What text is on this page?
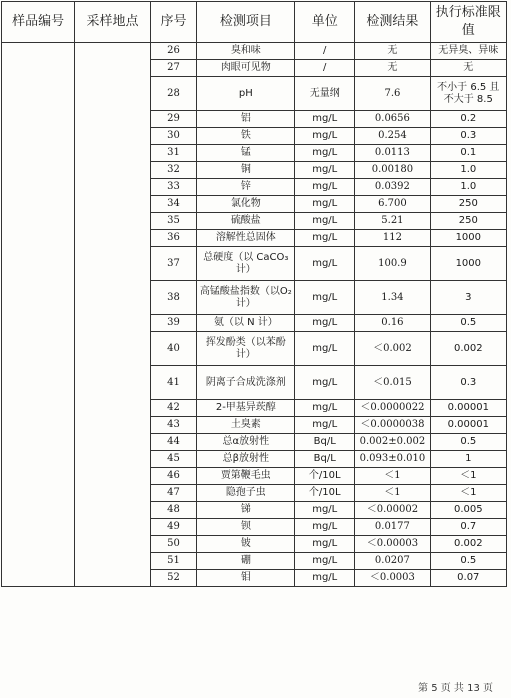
样品编号	采样地点	序号	检测项目	单位	检测结果	执行标准限值
		26	臭和味	/	无	无异臭、异味
		27	肉眼可见物	/	无	无
		28	pH	无量纲	7.6	不小于 6.5 且不大于 8.5
		29	铝	mg/L	0.0656	0.2
		30	铁	mg/L	0.254	0.3
		31	锰	mg/L	0.0113	0.1
		32	铜	mg/L	0.00180	1.0
		33	锌	mg/L	0.0392	1.0
		34	氯化物	mg/L	6.700	250
		35	硫酸盐	mg/L	5.21	250
		36	溶解性总固体	mg/L	112	1000
		37	总硬度（以 CaCO₃计）	mg/L	100.9	1000
		38	高锰酸盐指数（以O₂计）	mg/L	1.34	3
		39	氨（以 N 计）	mg/L	0.16	0.5
		40	挥发酚类（以苯酚计）	mg/L	＜0.002	0.002
		41	阴离子合成洗涤剂	mg/L	＜0.015	0.3
		42	2-甲基异莰醇	mg/L	＜0.0000022	0.00001
		43	土臭素	mg/L	＜0.0000038	0.00001
		44	总α放射性	Bq/L	0.002±0.002	0.5
		45	总β放射性	Bq/L	0.093±0.010	1
		46	贾第鞭毛虫	个/10L	＜1	＜1
		47	隐孢子虫	个/10L	＜1	＜1
		48	锑	mg/L	＜0.00002	0.005
		49	钡	mg/L	0.0177	0.7
		50	铍	mg/L	＜0.00003	0.002
		51	硼	mg/L	0.0207	0.5
		52	钼	mg/L	＜0.0003	0.07
第 5 页 共 13 页
